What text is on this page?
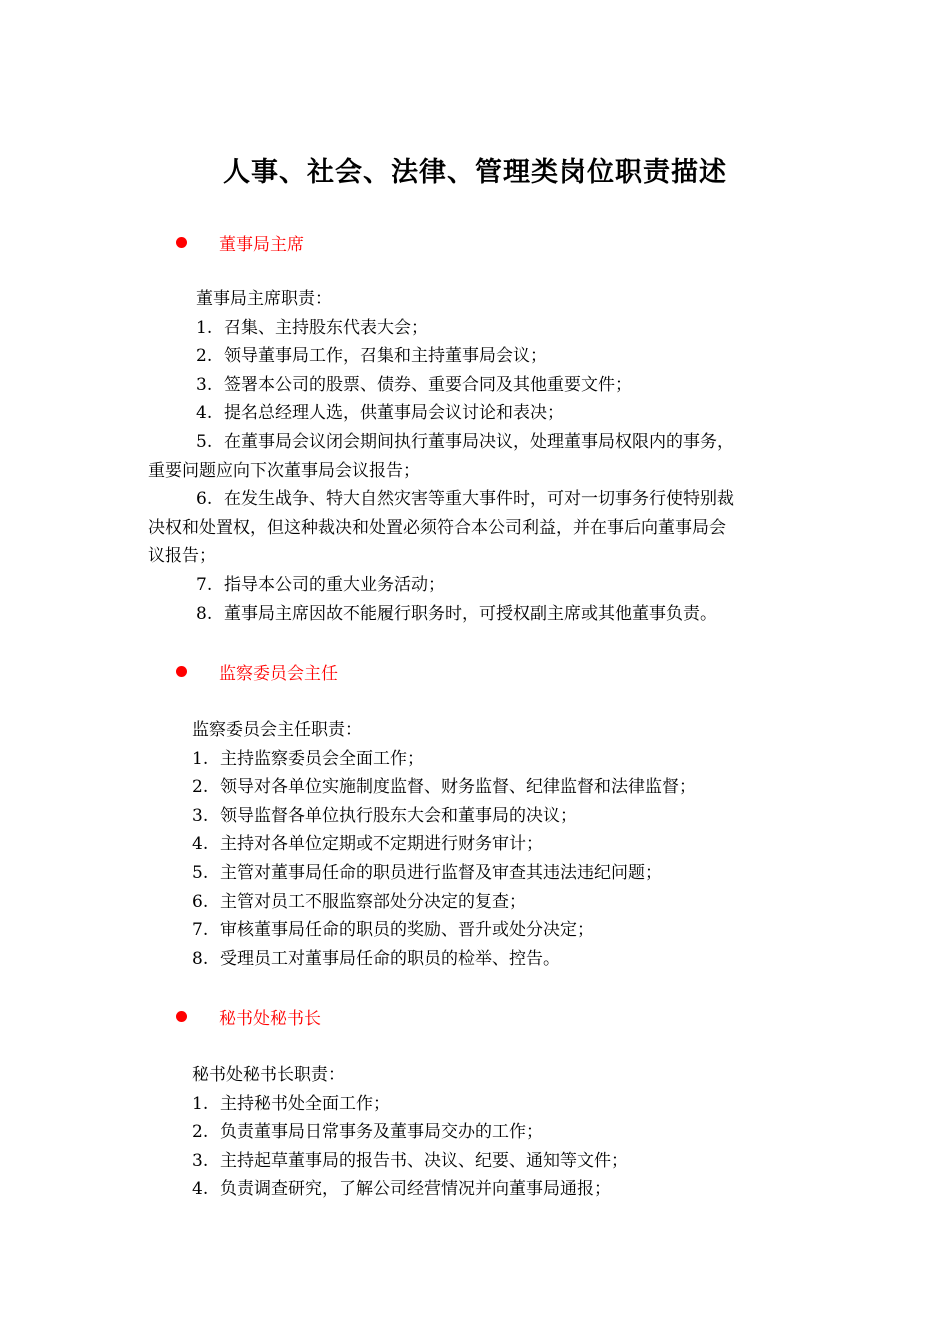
人事、社会、法律、管理类岗位职责描述
董事局主席
董事局主席职责：
1. 召集、主持股东代表大会；
2. 领导董事局工作，召集和主持董事局会议；
3. 签署本公司的股票、债券、重要合同及其他重要文件；
4. 提名总经理人选，供董事局会议讨论和表决；
5. 在董事局会议闭会期间执行董事局决议，处理董事局权限内的事务，
重要问题应向下次董事局会议报告；
6. 在发生战争、特大自然灾害等重大事件时，可对一切事务行使特别裁
决权和处置权，但这种裁决和处置必须符合本公司利益，并在事后向董事局会
议报告；
7. 指导本公司的重大业务活动；
8. 董事局主席因故不能履行职务时，可授权副主席或其他董事负责。
监察委员会主任
监察委员会主任职责：
1. 主持监察委员会全面工作；
2. 领导对各单位实施制度监督、财务监督、纪律监督和法律监督；
3. 领导监督各单位执行股东大会和董事局的决议；
4. 主持对各单位定期或不定期进行财务审计；
5. 主管对董事局任命的职员进行监督及审查其违法违纪问题；
6. 主管对员工不服监察部处分决定的复查；
7. 审核董事局任命的职员的奖励、晋升或处分决定；
8. 受理员工对董事局任命的职员的检举、控告。
秘书处秘书长
秘书处秘书长职责：
1. 主持秘书处全面工作；
2. 负责董事局日常事务及董事局交办的工作；
3. 主持起草董事局的报告书、决议、纪要、通知等文件；
4. 负责调查研究，了解公司经营情况并向董事局通报；
